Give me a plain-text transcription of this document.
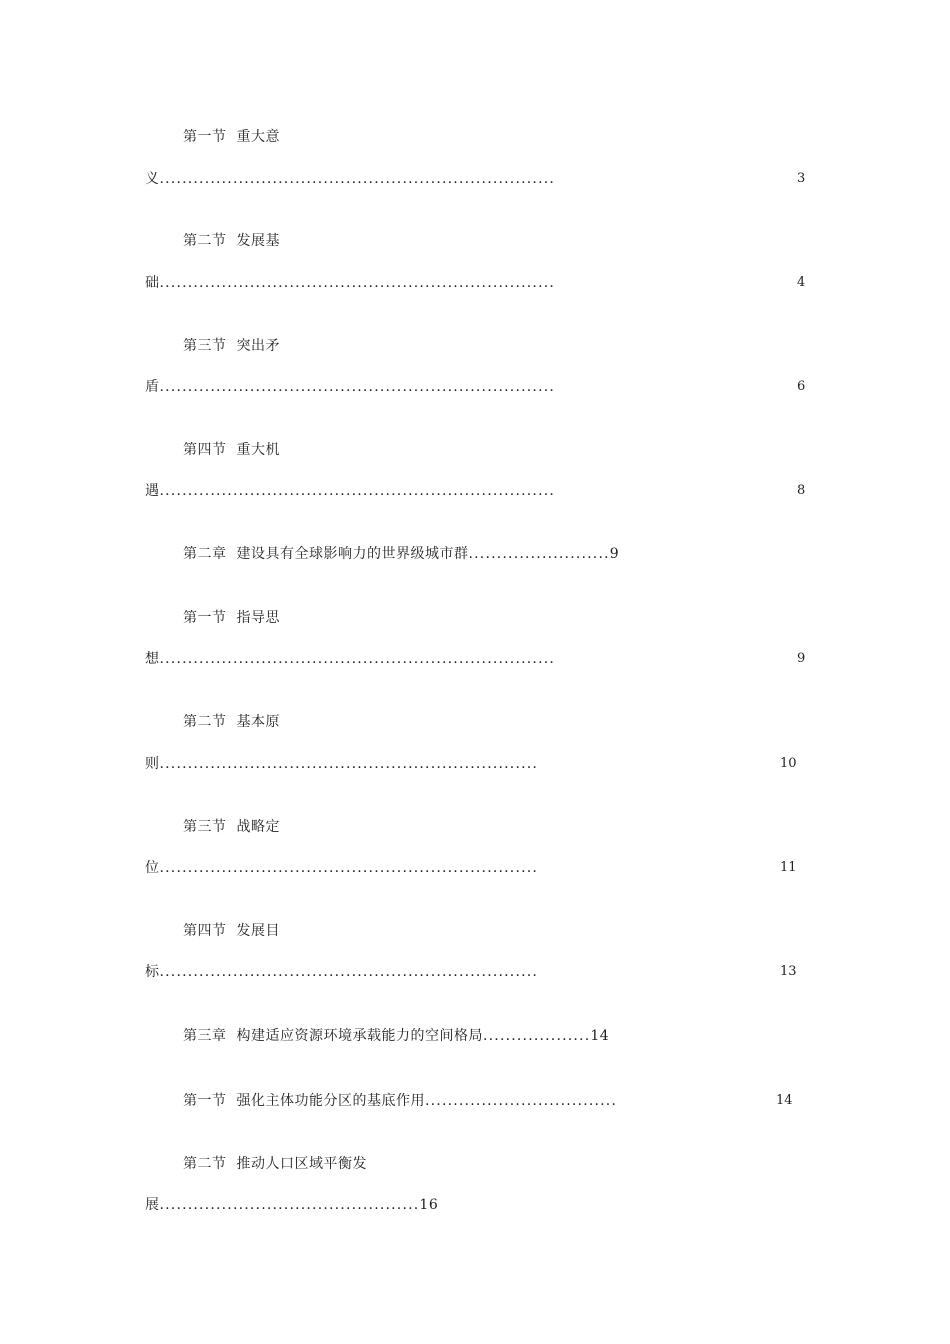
第一节 重大意
义......................................................................	3
第二节 发展基
础......................................................................	4
第三节 突出矛
盾......................................................................	6
第四节 重大机
遇......................................................................	8
第二章 建设具有全球影响力的世界级城市群.........................9
第一节 指导思
想......................................................................	9
第二节 基本原
则...................................................................	10
第三节 战略定
位...................................................................	11
第四节 发展目
标...................................................................	13
第三章 构建适应资源环境承载能力的空间格局...................14
第一节 强化主体功能分区的基底作用..................................	14
第二节 推动人口区域平衡发
展..............................................16
